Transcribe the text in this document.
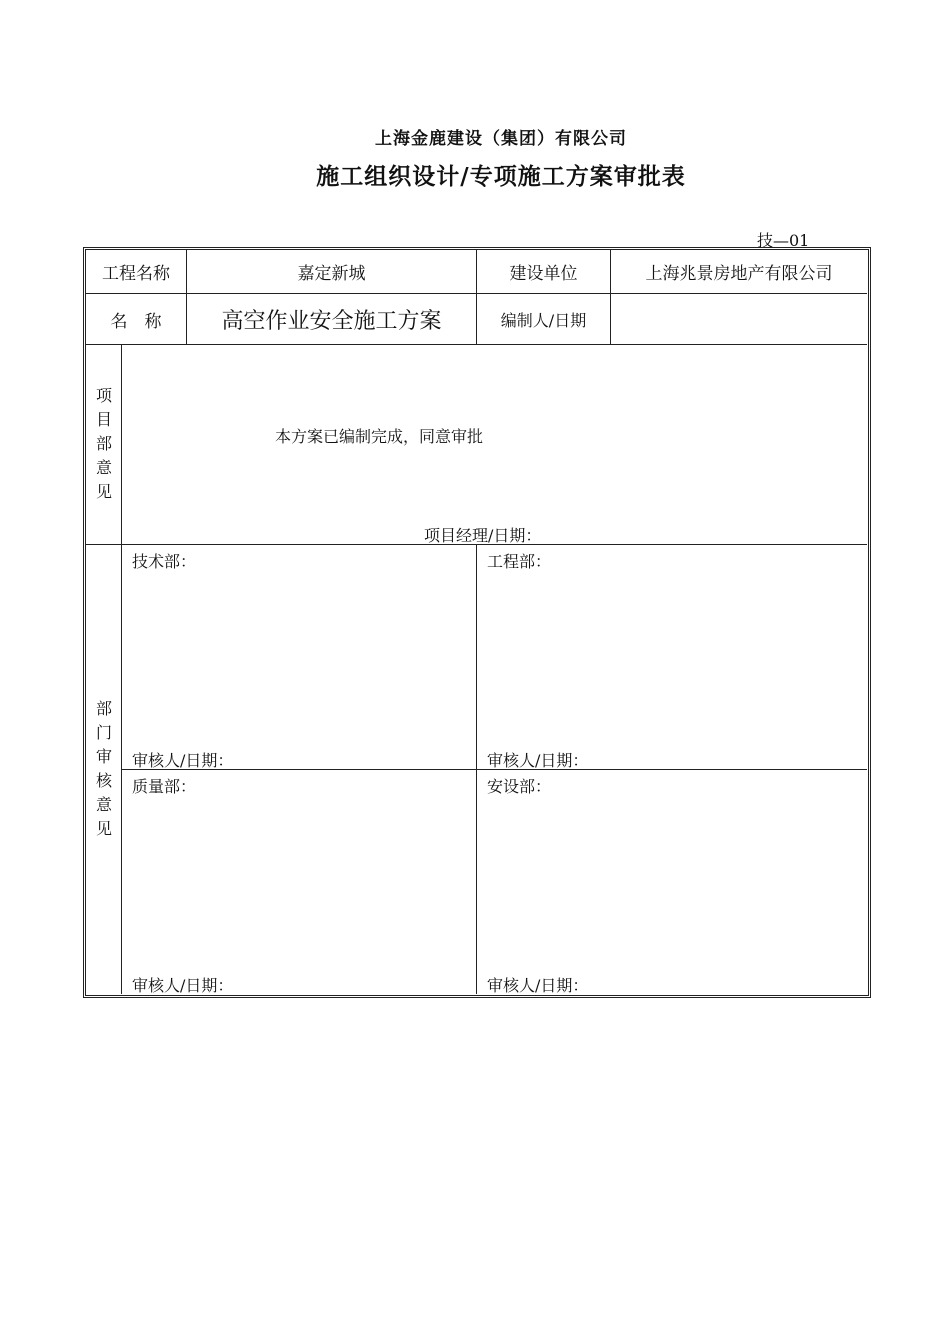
上海金鹿建设（集团）有限公司
施工组织设计/专项施工方案审批表
技—01
工程名称	嘉定新城	建设单位	上海兆景房地产有限公司
名　称	高空作业安全施工方案	编制人/日期
项
目
部
意
见
本方案已编制完成，同意审批
项目经理/日期：
部
门
审
核
意
见
技术部：	工程部：
审核人/日期：	审核人/日期：
质量部：	安设部：
审核人/日期：	审核人/日期：
